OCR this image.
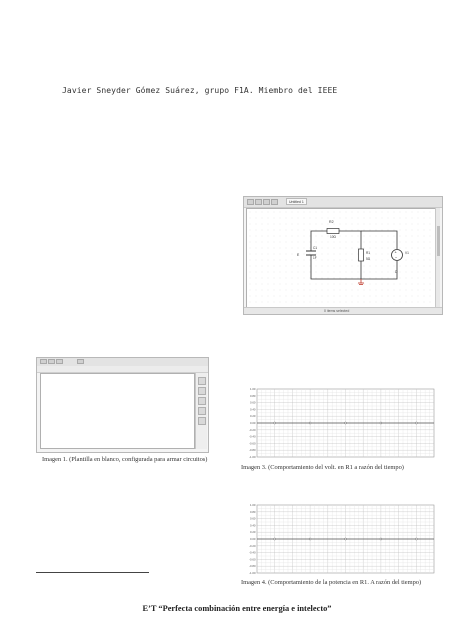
Javier Sneyder Gómez Suárez, grupo F1A. Miembro del IEEE
Untitled 1
+
−
R2
10Ω
C1
1F
E	R1
5Ω
V1
D
0 items selected
Imagen 1. (Plantilla en blanco, configurada para armar circuitos)
1.00
0.80
0.60
0.40
0.20
0.00
-0.20
-0.40
-0.60
-0.80
-1.00
Imagen 3. (Comportamiento del volt. en R1 a razón del tiempo)
1.00
0.80
0.60
0.40
0.20
0.00
-0.20
-0.40
-0.60
-0.80
-1.00
Imagen 4. (Comportamiento de la potencia en R1. A razón del tiempo)
E’T “Perfecta combinación entre energía e intelecto”
